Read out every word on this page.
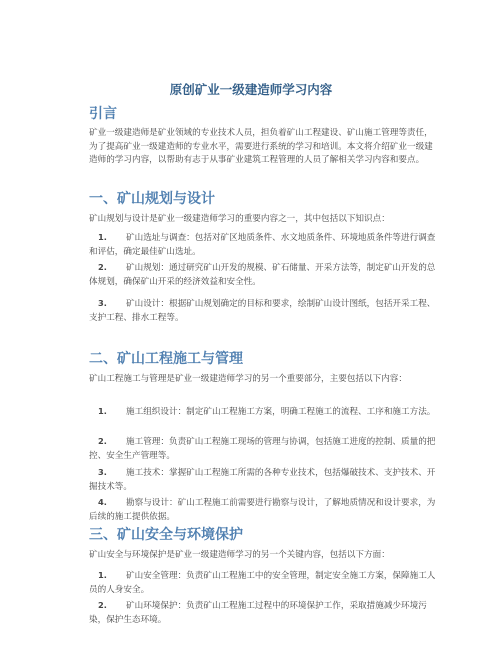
原创矿业一级建造师学习内容
引言
矿业一级建造师是矿业领域的专业技术人员，担负着矿山工程建设、矿山施工管理等责任，为了提高矿业一级建造师的专业水平，需要进行系统的学习和培训。本文将介绍矿业一级建造师的学习内容，以帮助有志于从事矿业建筑工程管理的人员了解相关学习内容和要点。
一、矿山规划与设计
矿山规划与设计是矿业一级建造师学习的重要内容之一，其中包括以下知识点：
1. 矿山选址与调查：包括对矿区地质条件、水文地质条件、环境地质条件等进行调查和评估，确定最佳矿山选址。
2. 矿山规划：通过研究矿山开发的规模、矿石储量、开采方法等，制定矿山开发的总体规划，确保矿山开采的经济效益和安全性。
3. 矿山设计：根据矿山规划确定的目标和要求，绘制矿山设计图纸，包括开采工程、支护工程、排水工程等。
二、矿山工程施工与管理
矿山工程施工与管理是矿业一级建造师学习的另一个重要部分，主要包括以下内容：
1. 施工组织设计：制定矿山工程施工方案，明确工程施工的流程、工序和施工方法。
2. 施工管理：负责矿山工程施工现场的管理与协调，包括施工进度的控制、质量的把控、安全生产管理等。
3. 施工技术：掌握矿山工程施工所需的各种专业技术，包括爆破技术、支护技术、开掘技术等。
4. 勘察与设计：矿山工程施工前需要进行勘察与设计，了解地质情况和设计要求，为后续的施工提供依据。
三、矿山安全与环境保护
矿山安全与环境保护是矿业一级建造师学习的另一个关键内容，包括以下方面：
1. 矿山安全管理：负责矿山工程施工中的安全管理，制定安全施工方案，保障施工人员的人身安全。
2. 矿山环境保护：负责矿山工程施工过程中的环境保护工作，采取措施减少环境污染，保护生态环境。
